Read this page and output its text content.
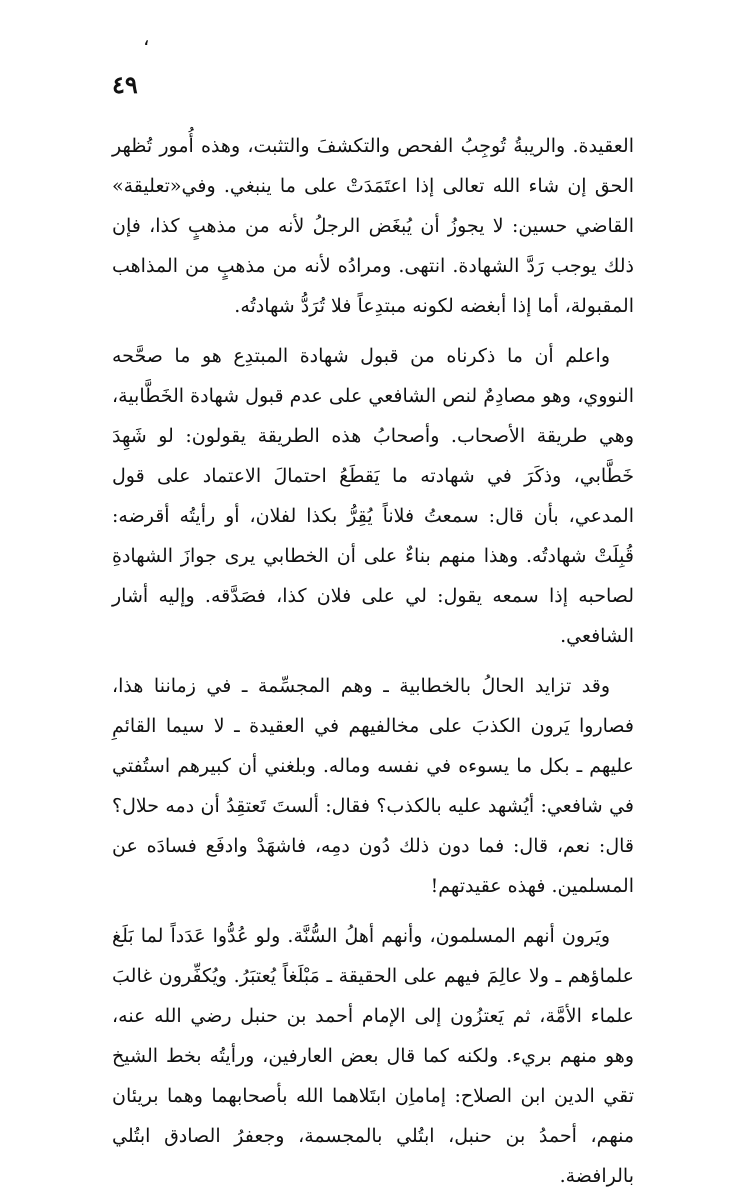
،
٤٩

العقيدة. والريبةُ تُوجِبُ الفحص والتكشفَ والتثبت، وهذه أُمور تُظهر الحق إن شاء الله تعالى إذا اعتَمَدَتْ على ما ينبغي. وفي«تعليقة» القاضي حسين: لا يجوزُ أن يُبغَض الرجلُ لأنه من مذهبٍ كذا، فإن ذلك يوجب رَدَّ الشهادة. انتهى. ومرادُه لأنه من مذهبٍ من المذاهب المقبولة، أما إذا أبغضه لكونه مبتدِعاً فلا تُرَدُّ شهادتُه.

واعلم أن ما ذكرناه من قبول شهادة المبتدِع هو ما صحَّحه النووي، وهو مصادِمٌ لنص الشافعي على عدم قبول شهادة الخَطَّابية، وهي طريقة الأصحاب. وأصحابُ هذه الطريقة يقولون: لو شَهِدَ خَطَّابي، وذكَرَ في شهادته ما يَقطَعُ احتمالَ الاعتماد على قول المدعي، بأن قال: سمعتُ فلاناً يُقِرُّ بكذا لفلان، أو رأيتُه أقرضه: قُبِلَتْ شهادتُه. وهذا منهم بناءٌ على أن الخطابي يرى جوازَ الشهادةِ لصاحبه إذا سمعه يقول: لي على فلان كذا، فصَدَّقه. وإليه أشار الشافعي.

وقد تزايد الحالُ بالخطابية ـ وهم المجسِّمة ـ في زماننا هذا، فصاروا يَرون الكذبَ على مخالفيهم في العقيدة ـ لا سيما القائمِ عليهم ـ بكل ما يسوءه في نفسه وماله. وبلغني أن كبيرهم استُفتي في شافعي: أيُشهد عليه بالكذب؟ فقال: ألستَ تَعتقِدُ أن دمه حلال؟ قال: نعم، قال: فما دون ذلك دُون دمِه، فاشهَدْ وادفَع فسادَه عن المسلمين. فهذه عقيدتهم!

ويَرون أنهم المسلمون، وأنهم أهلُ السُّنَّة. ولو عُدُّوا عَدَداً لما بَلَغ علماؤهم ـ ولا عالِمَ فيهم على الحقيقة ـ مَبْلَغاً يُعتبَرُ. ويُكفِّرون غالبَ علماء الأمَّة، ثم يَعتزُون إلى الإمام أحمد بن حنبل رضي الله عنه، وهو منهم بريء. ولكنه كما قال بعض العارفين، ورأيتُه بخط الشيخ تقي الدين ابن الصلاح: إماماِن ابتَلاهما الله بأصحابهما وهما بريئان منهم، أحمدُ بن حنبل، ابتُلي بالمجسمة، وجعفرُ الصادق ابتُلي بالرافضة.
